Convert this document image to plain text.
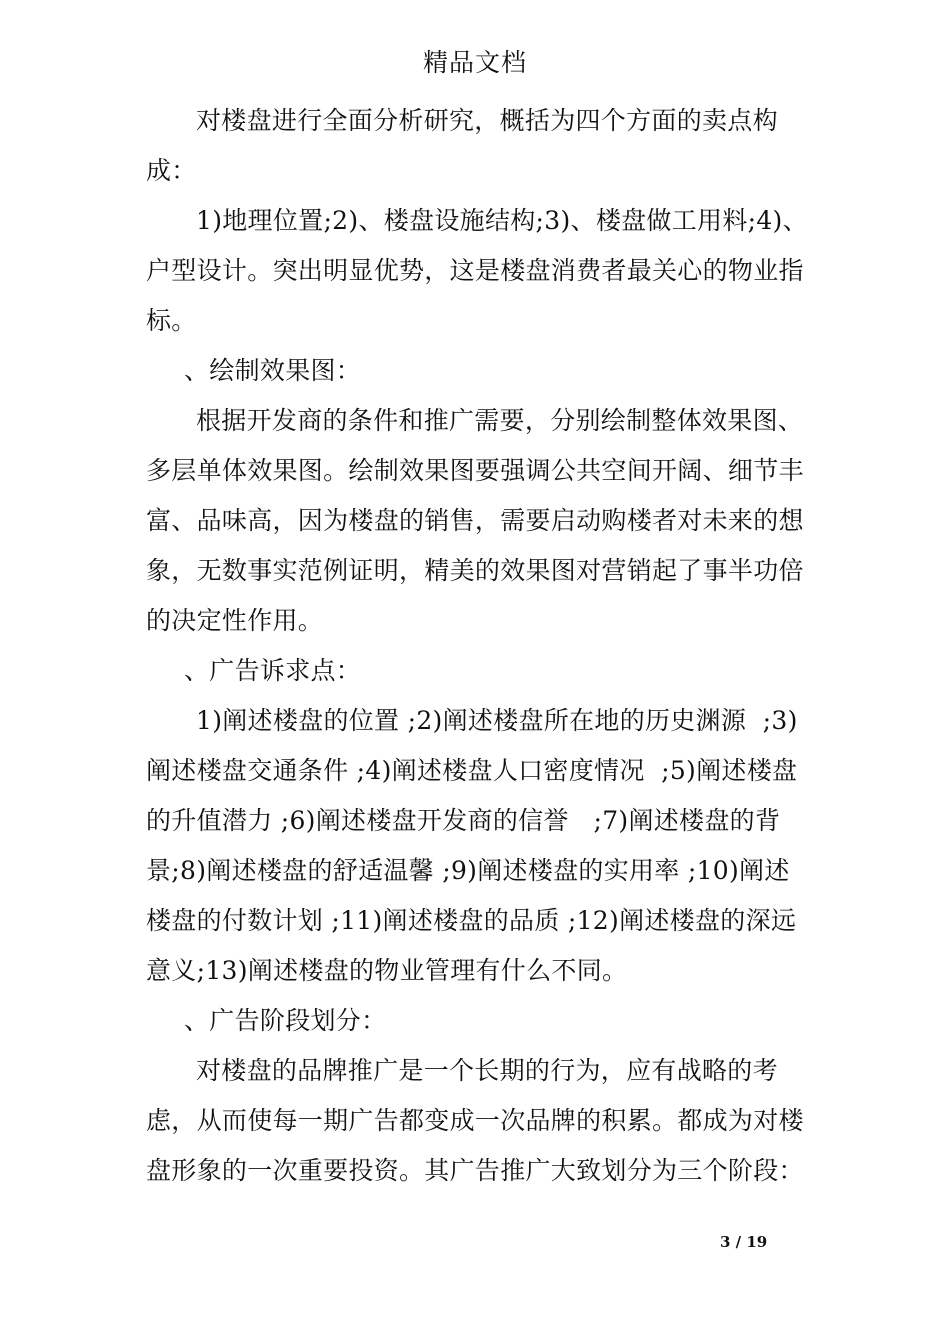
精品文档
对楼盘进行全面分析研究，概括为四个方面的卖点构
成：
1)地理位置;2)、楼盘设施结构;3)、楼盘做工用料;4)、
户型设计。突出明显优势，这是楼盘消费者最关心的物业指
标。
、绘制效果图：
根据开发商的条件和推广需要，分别绘制整体效果图、
多层单体效果图。绘制效果图要强调公共空间开阔、细节丰
富、品味高，因为楼盘的销售，需要启动购楼者对未来的想
象，无数事实范例证明，精美的效果图对营销起了事半功倍
的决定性作用。
、广告诉求点：
1)阐述楼盘的位置 ;2)阐述楼盘所在地的历史渊源  ;3)
阐述楼盘交通条件 ;4)阐述楼盘人口密度情况  ;5)阐述楼盘
的升值潜力 ;6)阐述楼盘开发商的信誉   ;7)阐述楼盘的背
景;8)阐述楼盘的舒适温馨 ;9)阐述楼盘的实用率 ;10)阐述
楼盘的付数计划 ;11)阐述楼盘的品质 ;12)阐述楼盘的深远
意义;13)阐述楼盘的物业管理有什么不同。
、广告阶段划分：
对楼盘的品牌推广是一个长期的行为，应有战略的考
虑，从而使每一期广告都变成一次品牌的积累。都成为对楼
盘形象的一次重要投资。其广告推广大致划分为三个阶段：
3 / 19
